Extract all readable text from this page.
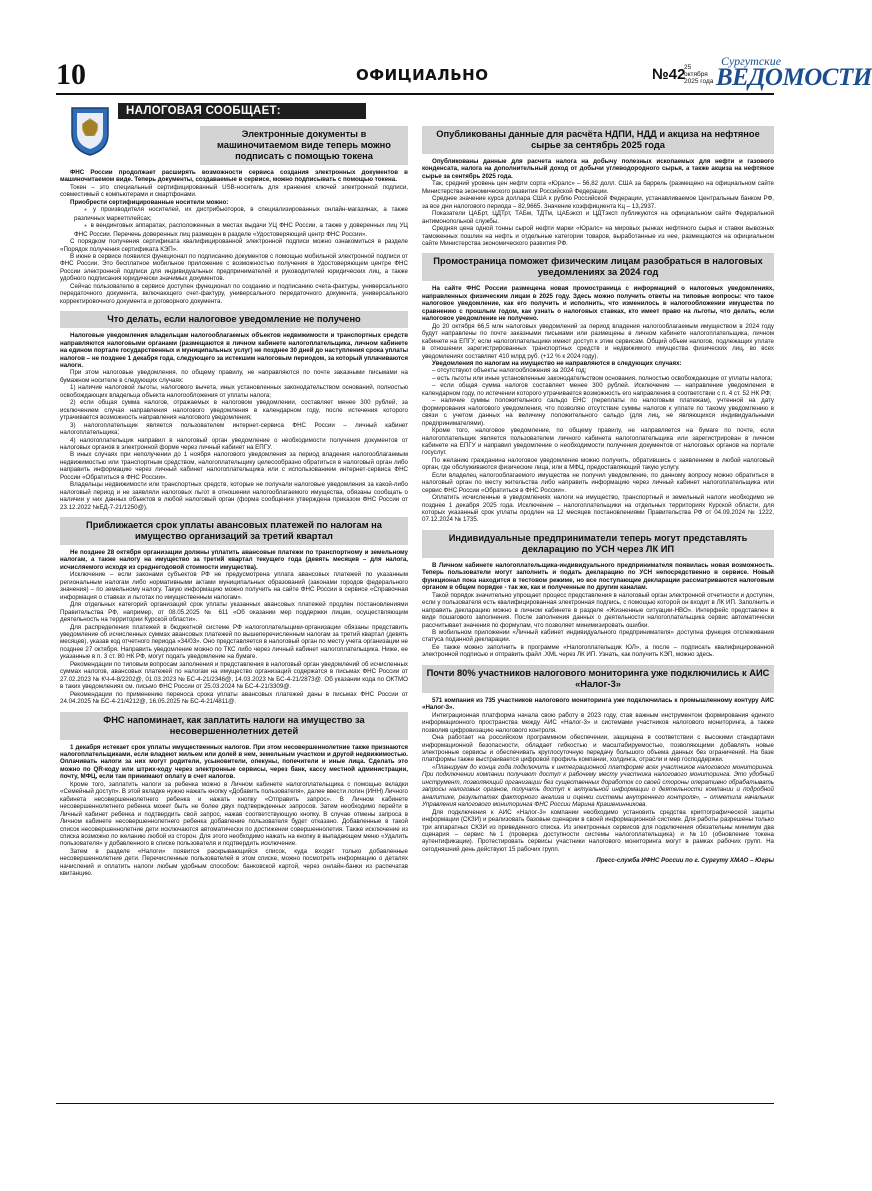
10	ОФИЦИАЛЬНО	№42
25 октября 2025 года
Сургутские
ВЕДОМОСТИ
НАЛОГОВАЯ СООБЩАЕТ:
Электронные документы в машиночитаемом виде теперь можно подписать с помощью токена

ФНС России продолжает расширять возможности сервиса создания электронных документов в машиночитаемом виде. Теперь документы, создаваемые в сервисе, можно подписывать с помощью токена.

Токен – это специальный сертифицированный USB-носитель для хранения ключей электронной подписи, совместимый с компьютерами и смартфонами.

Приобрести сертифицированные носители можно:

● у производителя носителей, их дистрибьюторов, в специализированных онлайн-магазинах, а также различных маркетплейсах;

● в вендинговых аппаратах, расположенных в местах выдачи УЦ ФНС России, а также у доверенных лиц УЦ ФНС России. Перечень доверенных лиц размещен в разделе «Удостоверяющий центр ФНС России».

С порядком получения сертификата квалифицированной электронной подписи можно ознакомиться в разделе «Порядок получения сертификата КЭП».

В июне в сервисе появился функционал по подписанию документов с помощью мобильной электронной подписи от ФНС России. Это бесплатное мобильное приложение с возможностью получения в Удостоверяющем центре ФНС России электронной подписи для индивидуальных предпринимателей и руководителей юридических лиц, а также удобного подписания юридически значимых документов.

Сейчас пользователю в сервисе доступен функционал по созданию и подписанию счета-фактуры, универсального передаточного документа, включающего счет-фактуру, универсального передаточного документа, универсального корректировочного документа и договорного документа.

Что делать, если налоговое уведомление не получено

Налоговые уведомления владельцам налогооблагаемых объектов недвижимости и транспортных средств направляются налоговыми органами (размещаются в личном кабинете налогоплательщика, личном кабинете на едином портале государственных и муниципальных услуг) не позднее 30 дней до наступления срока уплаты налогов – не позднее 1 декабря года, следующего за истекшим налоговым периодом, за который уплачиваются налоги.

При этом налоговые уведомления, по общему правилу, не направляются по почте заказными письмами на бумажном носителе в следующих случаях:

1) наличие налоговой льготы, налогового вычета, иных установленных законодательством оснований, полностью освобождающих владельца объекта налогообложения от уплаты налога;

2) если общая сумма налогов, отражаемых в налоговом уведомлении, составляет менее 300 рублей, за исключением случая направления налогового уведомления в календарном году, после истечения которого утрачивается возможность направления налогового уведомления;

3) налогоплательщик является пользователем интернет-сервиса ФНС России – личный кабинет налогоплательщика;

4) налогоплательщик направил в налоговый орган уведомление о необходимости получения документов от налоговых органов в электронной форме через личный кабинет на ЕПГУ.

В иных случаях при неполучении до 1 ноября налогового уведомления за период владения налогооблагаемым недвижимостью или транспортным средством, налогоплательщику целесообразно обратиться в налоговый орган либо направить информацию через личный кабинет налогоплательщика или с использованием интернет-сервиса ФНС России «Обратиться в ФНС России».

Владельцы недвижимости или транспортных средств, которые не получали налоговые уведомления за какой-либо налоговый период и не заявляли налоговых льгот в отношении налогооблагаемого имущества, обязаны сообщать о наличии у них данных объектов в любой налоговый орган (форма сообщения утверждена приказом ФНС России от 23.12.2022 №ЕД-7-21/1250@).

Приближается срок уплаты авансовых платежей по налогам на имущество организаций за третий квартал

Не позднее 28 октября организации должны уплатить авансовые платежи по транспортному и земельному налогам, а также налогу на имущество за третий квартал текущего года (девять месяцев – для налога, исчисляемого исходя из среднегодовой стоимости имущества).

Исключение – если законами субъектов РФ не предусмотрена уплата авансовых платежей по указанным региональным налогам либо нормативными актами муниципальных образований (законами городов федерального значения) – по земельному налогу. Такую информацию можно получить на сайте ФНС России в сервисе «Справочная информация о ставках и льготах по имущественным налогам».

Для отдельных категорий организаций срок уплаты указанных авансовых платежей продлен постановлениями Правительства РФ, например, от 08.05.2025 № 611 «Об оказании мер поддержки лицам, осуществляющим деятельность на территории Курской области».

Для распределения платежей в бюджетной системе РФ налогоплательщики-организации обязаны представить уведомление об исчисленных суммах авансовых платежей по вышеперечисленным налогам за третий квартал (девять месяцев), указав код отчетного периода «34/03». Оно представляется в налоговый орган по месту учета организации не позднее 27 октября. Направить уведомление можно по ТКС либо через личный кабинет налогоплательщика. Ниже, ее указанные в п. 3 ст. 80 НК РФ, могут подать уведомление на бумаге.

Рекомендации по типовым вопросам заполнения и представления в налоговый орган уведомлений об исчисленных суммах налогов, авансовых платежей по налогам на имущество организаций содержатся в письмах ФНС России от 27.02.2023 № КЧ-4-8/2202@, 01.03.2023 № БС-4-21/2346@, 14.03.2023 № БС-4-21/2873@. Об указании кода по ОКТМО в таких уведомлениях см. письмо ФНС России от 25.03.2024 № БС-4-21/3309@.

Рекомендации по применению переноса срока уплаты авансовых платежей даны в письмах ФНС России от 24.04.2025 № БС-4-21/4212@, 16.05.2025 № БС-4-21/4811@.

ФНС напоминает, как заплатить налоги на имущество за несовершеннолетних детей

1 декабря истекает срок уплаты имущественных налогов. При этом несовершеннолетние также признаются налогоплательщиками, если владеют жильем или долей в нем, земельным участком и другой недвижимостью. Оплачивать налоги за них могут родители, усыновители, опекуны, попечители и иные лица. Сделать это можно по QR-коду или штрих-коду через электронные сервисы, через банк, кассу местной администрации, почту, МФЦ, если там принимают оплату в счет налогов.

Кроме того, заплатить налоги за ребенка можно в Личном кабинете налогоплательщика с помощью вкладки «Семейный доступ». В этой вкладке нужно нажать кнопку «Добавить пользователя», далее ввести логин (ИНН) Личного кабинета несовершеннолетнего ребенка и нажать кнопку «Отправить запрос». В Личном кабинете несовершеннолетнего ребенка может быть не более двух подтвержденных запросов. Затем необходимо перейти в Личный кабинет ребенка и подтвердить свой запрос, нажав соответствующую кнопку. В случае отмены запроса в Личном кабинете несовершеннолетнего ребенка добавление пользователя будет отказано. Добавленные в такой список несовершеннолетние дети исключаются автоматически по достижении совершеннолетия. Также исключение из списка возможно по желанию любой из сторон. Для этого необходимо нажать на кнопку в выпадающем меню «Удалить пользователя» у добавленного в списке пользователя и подтвердить исключение.

Затем в разделе «Налоги» появится раскрывающийся список, куда входят только добавленные несовершеннолетние дети. Перечисленные пользователей в этом списке, можно посмотреть информацию о деталях начислений и оплатить налоги любым удобным способом: банковской картой, через онлайн-банки из распечатав квитанцию.

Опубликованы данные для расчёта НДПИ, НДД и акциза на нефтяное сырье за сентябрь 2025 года

Опубликованы данные для расчета налога на добычу полезных ископаемых для нефти и газового конденсата, налога на дополнительный доход от добычи углеводородного сырья, а также акциза на нефтяное сырье за сентябрь 2025 года.

Так, средний уровень цен нефти сорта «Юралс» – 56,82 долл. США за баррель (размещено на официальном сайте Министерства экономического развития Российской Федерации.

Среднее значение курса доллара США к рублю Российской Федерации, устанавливаемое Центральным банком РФ, за все дни налогового периода – 82,9665. Значение коэффициента Кц – 13,2937.

Показатели ЦАБрт, ЦДТрт, ТАБм, ТДТм, ЦАБэксп и ЦДТэксп публикуются на официальном сайте Федеральной антимонопольной службы.

Средняя цена одной тонны сырой нефти марки «Юралс» на мировых рынках нефтяного сырья и ставки вывозных таможенных пошлин на нефть и отдельные категории товаров, выработанные из нее, размещаются на официальном сайте Министерства экономического развития РФ.

Промостраница поможет физическим лицам разобраться в налоговых уведомлениях за 2024 год

На сайте ФНС России размещена новая промостраница с информацией о налоговых уведомлениях, направленных физическим лицам в 2025 году. Здесь можно получить ответы на типовые вопросы: что такое налоговое уведомление, как его получить и исполнить, что изменилось в налогообложении имущества по сравнению с прошлым годом, как узнать о налоговых ставках, кто имеет право на льготы, что делать, если налоговое уведомление не получено.

До 20 октября 66,5 млн налоговых уведомлений за период владения налогооблагаемым имуществом в 2024 году будут направлены по почте заказными письмами или размещены в личном кабинете налогоплательщика, личном кабинете на ЕПГУ, если налогоплательщики имеют доступ к этим сервисам. Общий объем налогов, подлежащих уплате в отношении зарегистрированных транспортных средств и недвижимого имущества физических лиц, во всех уведомлениях составляет 410 млрд руб. (+12 % к 2024 году).

Уведомления по налогам на имущество не направляются в следующих случаях:

– отсутствуют объекты налогообложения за 2024 год;

– есть льготы или иные установленные законодательством основания, полностью освобождающие от уплаты налога;

– если общая сумма налогов составляет менее 300 рублей. Исключение — направление уведомления в календарном году, по истечении которого утрачивается возможность его направления в соответствии с п. 4 ст. 52 НК РФ;

– наличие суммы положительного сальдо ЕНС (переплаты по налоговым платежам), учтенной на дату формирования налогового уведомления, что позволяю отсутствие суммы налогов к уплате по такому уведомлению в связи с учетом данных на величину положительного сальдо (для лиц, не являющихся индивидуальными предпринимателями).

Кроме того, налоговое уведомление, по общему правилу, не направляется на бумаге по почте, если налогоплательщик является пользователем личного кабинета налогоплательщика или зарегистрирован в личном кабинете на ЕПГУ и направил уведомление о необходимости получения документов от налоговых органов на портале госуслуг.

По желанию гражданина налоговое уведомление можно получить, обратившись с заявлением в любой налоговый орган, где обслуживаются физические лица, или в МФЦ, предоставляющий такую услугу.

Если владелец налогооблагаемого имущества не получил уведомление, по данному вопросу можно обратиться в налоговый орган по месту жительства либо направить информацию через личный кабинет налогоплательщика или сервис ФНС России «Обратиться в ФНС России».

Оплатить исчисленные в уведомлениях налоги на имущество, транспортный и земельный налоги необходимо не позднее 1 декабря 2025 года. Исключение – налогоплательщики на отдельных территориях Курской области, для которых указанный срок уплаты продлен на 12 месяцев постановлениями Правительства РФ от 04.09.2024 № 1222, 07.12.2024 № 1735.

Индивидуальные предприниматели теперь могут представлять декларацию по УСН через ЛК ИП

В Личном кабинете налогоплательщика-индивидуального предпринимателя появилась новая возможность. Теперь пользователи могут заполнить и подать декларацию по УСН непосредственно в сервисе. Новый функционал пока находится в тестовом режиме, но все поступающие декларации рассматриваются налоговым органом в общем порядке - так же, как и полученные по другим каналам.

Такой порядок значительно упрощает процесс представления в налоговый орган электронной отчетности и доступен, если у пользователя есть квалифицированная электронная подпись, с помощью которой он входит в ЛК ИП. Заполнить и направить декларацию можно в личном кабинете в разделе «Жизненные ситуации-НВО». Интерфейс представлен в виде пошагового заполнения. После заполнения данных о деятельности налогоплательщика сервис автоматически рассчитывает значения по формулам, что позволяет минимизировать ошибки.

В мобильном приложении «Личный кабинет индивидуального предпринимателя» доступна функция отслеживания статуса поданной декларации.

Ее также можно заполнить в программе «Налогоплательщик ЮЛ», а после – подписать квалифицированной электронной подписью и отправить файл .XML через ЛК ИП. Узнать, как получить КЭП, можно здесь.

Почти 80% участников налогового мониторинга уже подключились к АИС «Налог-3»

571 компания из 735 участников налогового мониторинга уже подключилась к промышленному контуру АИС «Налог-3».

Интеграционная платформа начала свою работу в 2023 году, став важным инструментом формирования единого информационного пространства между АИС «Налог-3» и системами участников налогового мониторинга, а также позволив цифровизацию налогового контроля.

Она работает на российском программном обеспечении, защищена в соответствии с высокими стандартами информационной безопасности, обладает гибкостью и масштабируемостью, позволяющими добавлять новые электронные сервисы и обеспечивать круглосуточную передачу большого объема данных без ограничений. На базе платформы также выстраивается цифровой профиль компании, холдинга, отрасли и мер господдержки.

«Планируем до конца года подключить к интеграционной платформе всех участников налогового мониторинга. При подключении компании получают доступ к рабочему месту участника налогового мониторинга. Это удобный инструмент, позволяющий организации без существенных доработок со своей стороны оперативно обрабатывать запросы налоговых органов, получать доступ к актуальной информации о деятельности компании и подробной аналитике, результатах факторного анализа и оценки системы внутреннего контроля», – отметила начальник Управления налогового мониторинга ФНС России Марина Крашенинникова.

Для подключения к АИС «Налог-3» компании необходимо установить средства криптографической защиты информации (СКЗИ) и реализовать базовые сценарии в своей информационной системе. Для работы разрешены только три аппаратных СКЗИ из приведенного списка. Из электронных сервисов для подключения обязательны минимум два сценария – сервис №1 (проверка доступности системы налогоплательщика) и №10 (обновление токена аутентификации). Протестировать сервисы участники налогового мониторинга могут в рамках рабочих групп. На сегодняшний день действуют 15 рабочих групп.

Пресс-служба ИФНС России по г. Сургуту ХМАО – Югры
